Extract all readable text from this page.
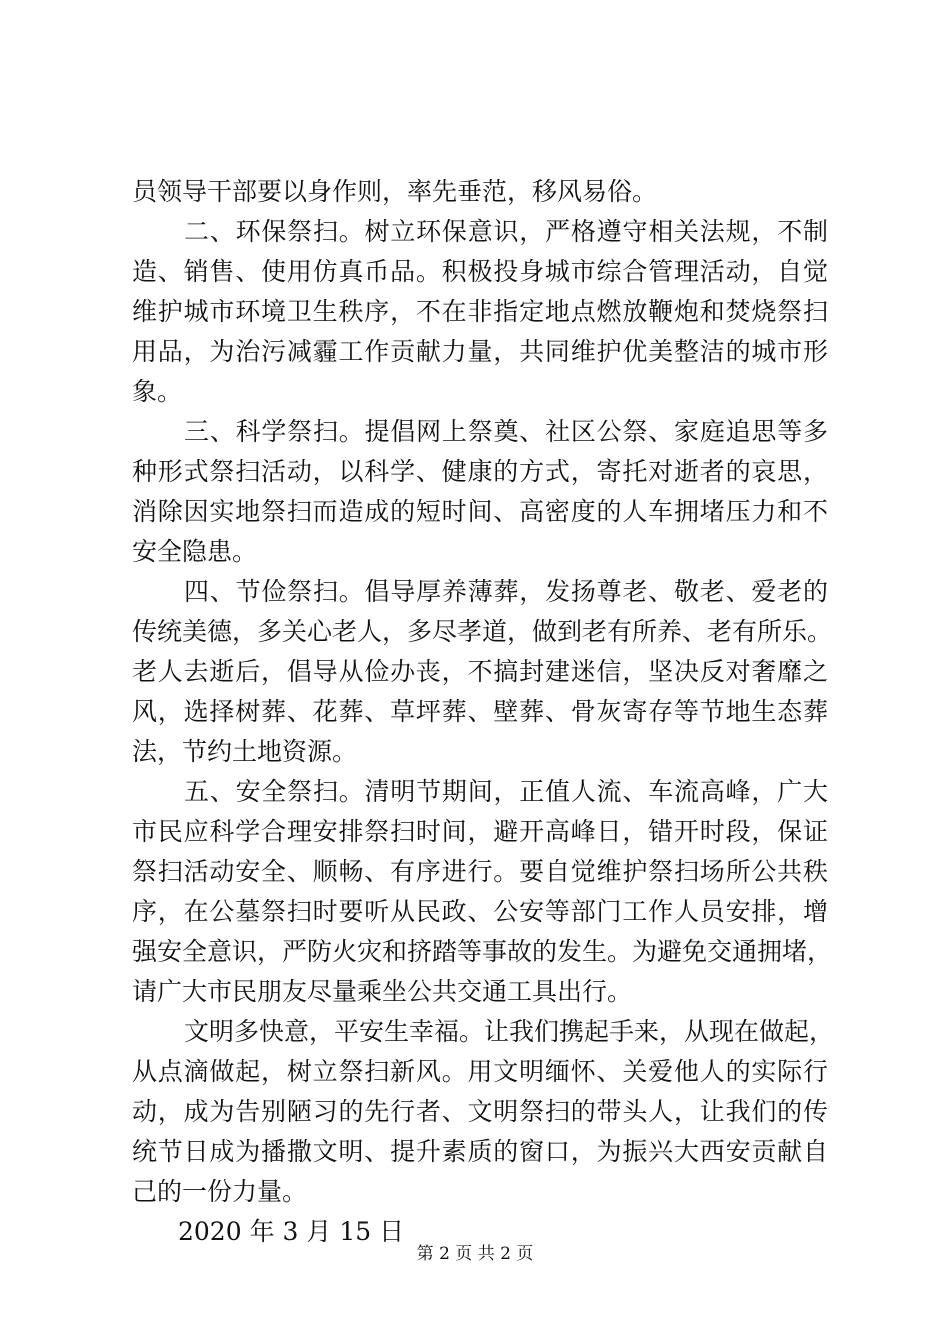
员领导干部要以身作则，率先垂范，移风易俗。
二、环保祭扫。树立环保意识，严格遵守相关法规，不制
造、销售、使用仿真币品。积极投身城市综合管理活动，自觉
维护城市环境卫生秩序，不在非指定地点燃放鞭炮和焚烧祭扫
用品，为治污减霾工作贡献力量，共同维护优美整洁的城市形
象。
三、科学祭扫。提倡网上祭奠、社区公祭、家庭追思等多
种形式祭扫活动，以科学、健康的方式，寄托对逝者的哀思，
消除因实地祭扫而造成的短时间、高密度的人车拥堵压力和不
安全隐患。
四、节俭祭扫。倡导厚养薄葬，发扬尊老、敬老、爱老的
传统美德，多关心老人，多尽孝道，做到老有所养、老有所乐。
老人去逝后，倡导从俭办丧，不搞封建迷信，坚决反对奢靡之
风，选择树葬、花葬、草坪葬、壁葬、骨灰寄存等节地生态葬
法，节约土地资源。
五、安全祭扫。清明节期间，正值人流、车流高峰，广大
市民应科学合理安排祭扫时间，避开高峰日，错开时段，保证
祭扫活动安全、顺畅、有序进行。要自觉维护祭扫场所公共秩
序，在公墓祭扫时要听从民政、公安等部门工作人员安排，增
强安全意识，严防火灾和挤踏等事故的发生。为避免交通拥堵，
请广大市民朋友尽量乘坐公共交通工具出行。
文明多快意，平安生幸福。让我们携起手来，从现在做起，
从点滴做起，树立祭扫新风。用文明缅怀、关爱他人的实际行
动，成为告别陋习的先行者、文明祭扫的带头人，让我们的传
统节日成为播撒文明、提升素质的窗口，为振兴大西安贡献自
己的一份力量。
2020 年 3 月 15 日
第 2 页 共 2 页
